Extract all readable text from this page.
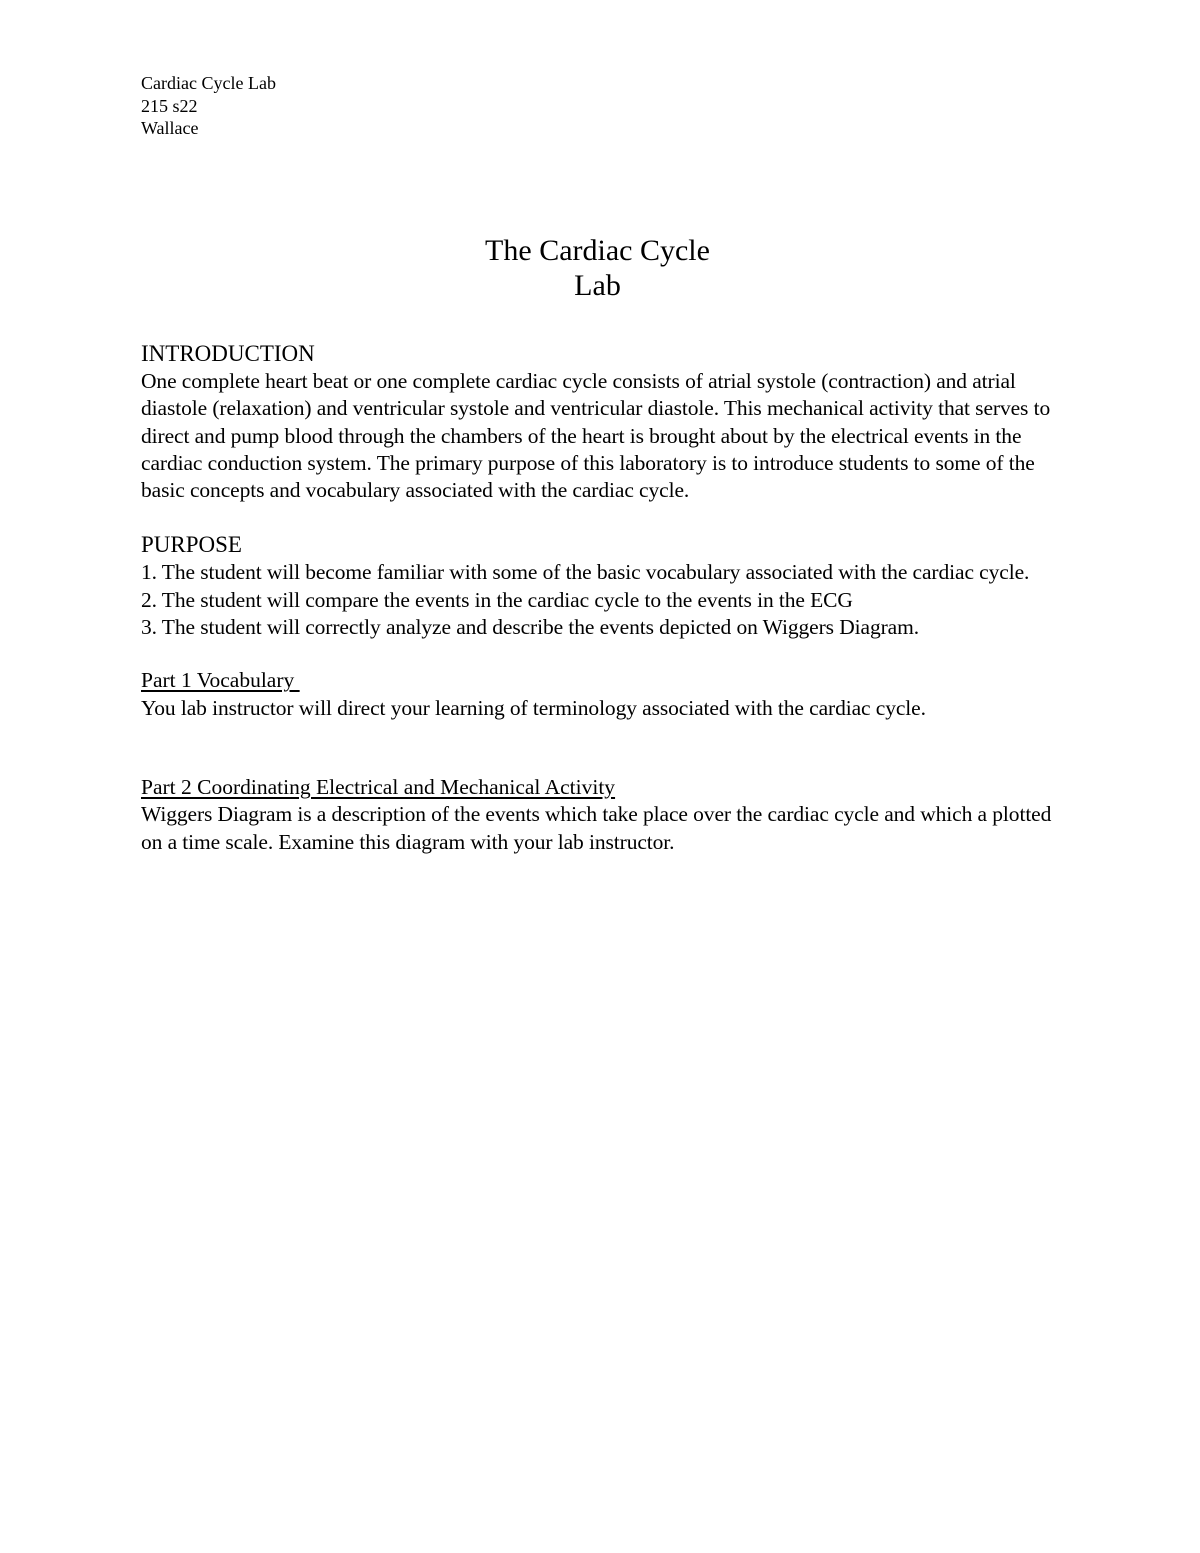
Cardiac Cycle Lab
215 s22
Wallace
The Cardiac Cycle
Lab
INTRODUCTION

One complete heart beat or one complete cardiac cycle consists of atrial systole (contraction) and atrial diastole (relaxation) and ventricular systole and ventricular diastole. This mechanical activity that serves to direct and pump blood through the chambers of the heart is brought about by the electrical events in the cardiac conduction system. The primary purpose of this laboratory is to introduce students to some of the basic concepts and vocabulary associated with the cardiac cycle.

PURPOSE

1. The student will become familiar with some of the basic vocabulary associated with the cardiac cycle.

2. The student will compare the events in the cardiac cycle to the events in the ECG

3. The student will correctly analyze and describe the events depicted on Wiggers Diagram.

Part 1 Vocabulary

You lab instructor will direct your learning of terminology associated with the cardiac cycle.

Part 2 Coordinating Electrical and Mechanical Activity

Wiggers Diagram is a description of the events which take place over the cardiac cycle and which a plotted on a time scale. Examine this diagram with your lab instructor.
